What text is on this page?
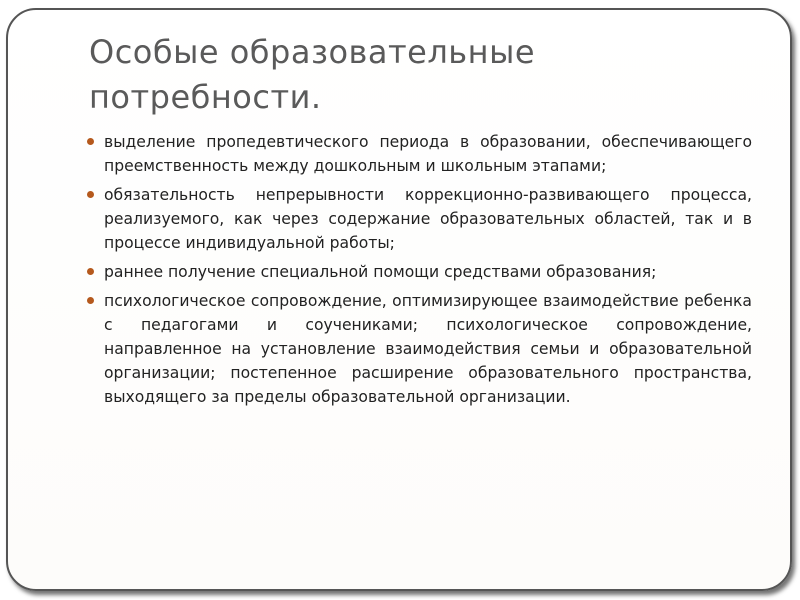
Особые образовательные потребности.
выделение пропедевтического периода в образовании, обеспечивающего преемственность между дошкольным и школьным этапами;
обязательность непрерывности коррекционно-развивающего процесса, реализуемого, как через содержание образовательных областей, так и в процессе индивидуальной работы;
раннее получение специальной помощи средствами образования;
психологическое сопровождение, оптимизирующее взаимодействие ребенка с педагогами и соучениками; психологическое сопровождение, направленное на установление взаимодействия семьи и образовательной организации; постепенное расширение образовательного пространства, выходящего за пределы образовательной организации.
